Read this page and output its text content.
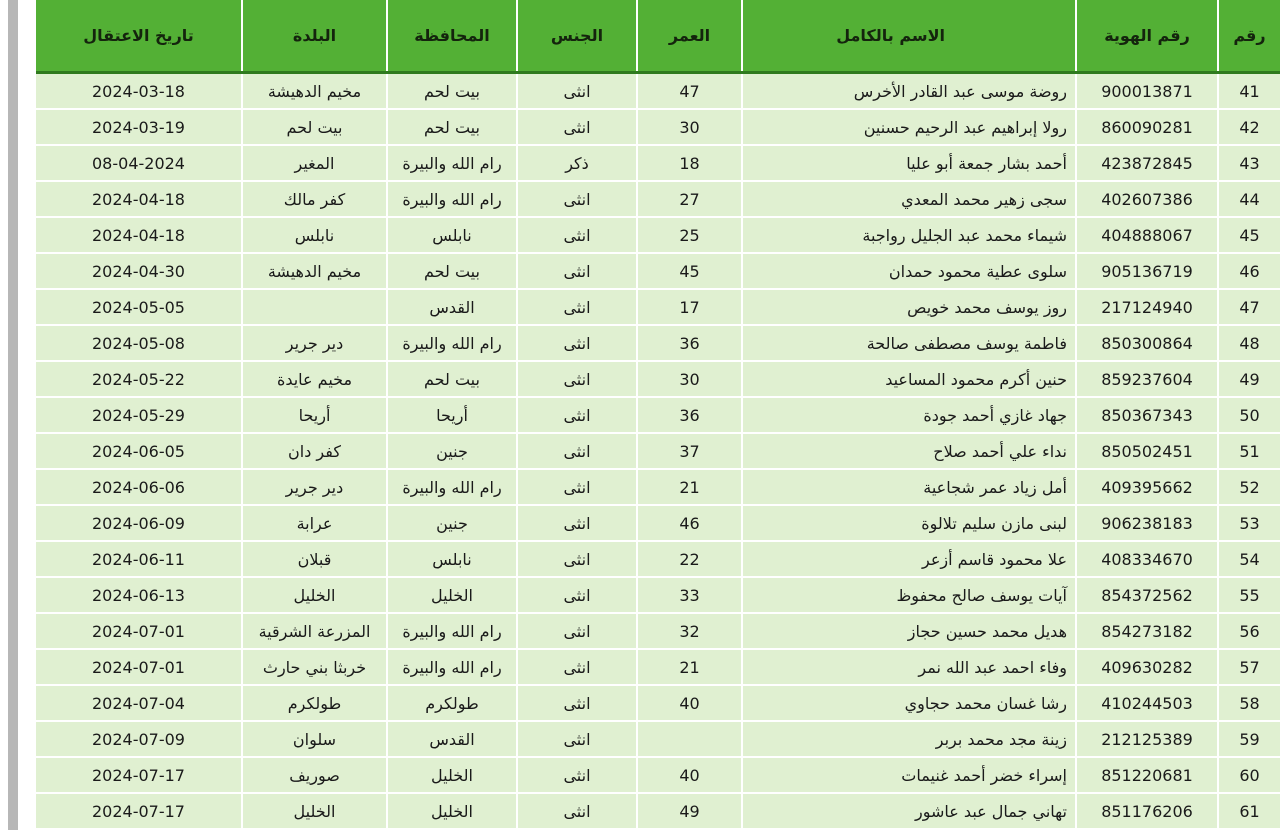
رقم	رقم الهوية	الاسم بالكامل	العمر	الجنس	المحافظة	البلدة	تاريخ الاعتقال
41	900013871	روضة موسى عبد القادر الأخرس	47	انثى	بيت لحم	مخيم الدهيشة	2024-03-18
42	860090281	رولا إبراهيم عبد الرحيم حسنين	30	انثى	بيت لحم	بيت لحم	2024-03-19
43	423872845	أحمد بشار جمعة أبو عليا	18	ذكر	رام الله والبيرة	المغير	08-04-2024
44	402607386	سجى زهير محمد المعدي	27	انثى	رام الله والبيرة	كفر مالك	2024-04-18
45	404888067	شيماء محمد عبد الجليل رواجبة	25	انثى	نابلس	نابلس	2024-04-18
46	905136719	سلوى عطية محمود حمدان	45	انثى	بيت لحم	مخيم الدهيشة	2024-04-30
47	217124940	روز يوسف محمد خويص	17	انثى	القدس		2024-05-05
48	850300864	فاطمة يوسف مصطفى صالحة	36	انثى	رام الله والبيرة	دير جرير	2024-05-08
49	859237604	حنين أكرم محمود المساعيد	30	انثى	بيت لحم	مخيم عايدة	2024-05-22
50	850367343	جهاد غازي أحمد جودة	36	انثى	أريحا	أريحا	2024-05-29
51	850502451	نداء علي أحمد صلاح	37	انثى	جنين	كفر دان	2024-06-05
52	409395662	أمل زياد عمر شجاعية	21	انثى	رام الله والبيرة	دير جرير	2024-06-06
53	906238183	لبنى مازن سليم تلالوة	46	انثى	جنين	عرابة	2024-06-09
54	408334670	علا محمود قاسم أزعر	22	انثى	نابلس	قبلان	2024-06-11
55	854372562	آيات يوسف صالح محفوظ	33	انثى	الخليل	الخليل	2024-06-13
56	854273182	هديل محمد حسين حجاز	32	انثى	رام الله والبيرة	المزرعة الشرقية	2024-07-01
57	409630282	وفاء احمد عبد الله نمر	21	انثى	رام الله والبيرة	خربثا بني حارث	2024-07-01
58	410244503	رشا غسان محمد حجاوي	40	انثى	طولكرم	طولكرم	2024-07-04
59	212125389	زينة مجد محمد بربر		انثى	القدس	سلوان	2024-07-09
60	851220681	إسراء خضر أحمد غنيمات	40	انثى	الخليل	صوريف	2024-07-17
61	851176206	تهاني جمال عبد عاشور	49	انثى	الخليل	الخليل	2024-07-17
